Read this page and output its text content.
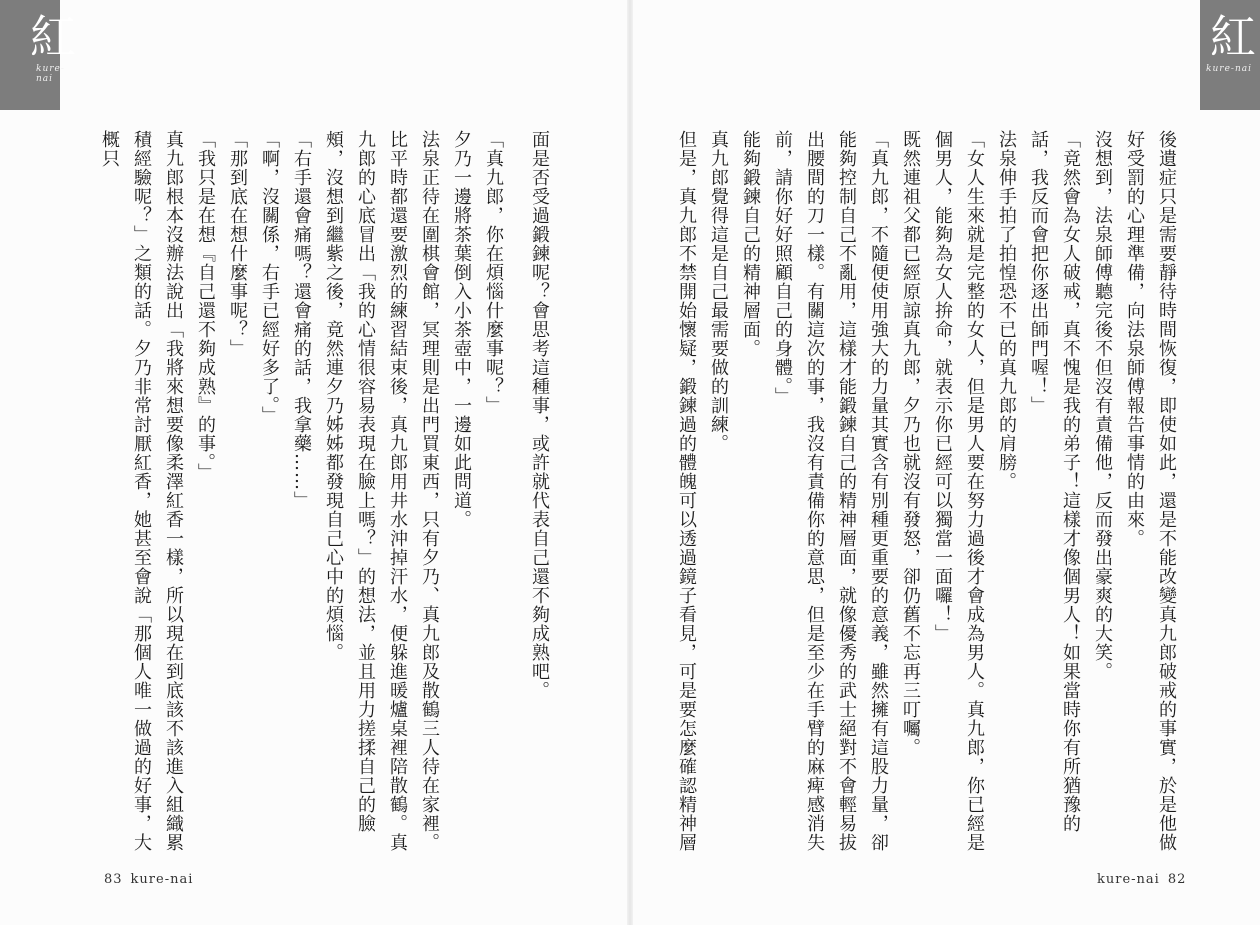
紅
kure-nai

面是否受過鍛鍊呢？會思考這種事，或許就代表自己還不夠成熟吧。

「真九郎，你在煩惱什麼事呢？」

夕乃一邊將茶葉倒入小茶壺中，一邊如此問道。

法泉正待在圍棋會館，冥理則是出門買東西，只有夕乃、真九郎及散鶴三人待在家裡。比平時都還要激烈的練習結束後，真九郎用井水沖掉汗水，便躲進暖爐桌裡陪散鶴。真九郎的心底冒出「我的心情很容易表現在臉上嗎？」的想法，並且用力搓揉自己的臉頰，沒想到繼紫之後，竟然連夕乃姊姊都發現自己心中的煩惱。

「右手還會痛嗎？還會痛的話，我拿藥……」

「啊，沒關係，右手已經好多了。」

「那到底在想什麼事呢？」

「我只是在想『自己還不夠成熟』的事。」

真九郎根本沒辦法說出「我將來想要像柔澤紅香一樣，所以現在到底該不該進入組織累積經驗呢？」之類的話。夕乃非常討厭紅香，她甚至會說「那個人唯一做過的好事，大概只

83 kure-nai
紅
kure-nai

後遺症只是需要靜待時間恢復，即使如此，還是不能改變真九郎破戒的事實，於是他做好受罰的心理準備，向法泉師傅報告事情的由來。

沒想到，法泉師傅聽完後不但沒有責備他，反而發出豪爽的大笑。

「竟然會為女人破戒，真不愧是我的弟子！這樣才像個男人！如果當時你有所猶豫的話，我反而會把你逐出師門喔！」

法泉伸手拍了拍惶恐不已的真九郎的肩膀。

「女人生來就是完整的女人，但是男人要在努力過後才會成為男人。真九郎，你已經是個男人，能夠為女人拚命，就表示你已經可以獨當一面囉！」

既然連祖父都已經原諒真九郎，夕乃也就沒有發怒，卻仍舊不忘再三叮囑。

「真九郎，不隨便使用強大的力量其實含有別種更重要的意義，雖然擁有這股力量，卻能夠控制自己不亂用，這樣才能鍛鍊自己的精神層面，就像優秀的武士絕對不會輕易拔出腰間的刀一樣。有關這次的事，我沒有責備你的意思，但是至少在手臂的麻痺感消失前，請你好好照顧自己的身體。」

能夠鍛鍊自己的精神層面。

真九郎覺得這是自己最需要做的訓練。

但是，真九郎不禁開始懷疑，鍛鍊過的體魄可以透過鏡子看見，可是要怎麼確認精神層

kure-nai 82
